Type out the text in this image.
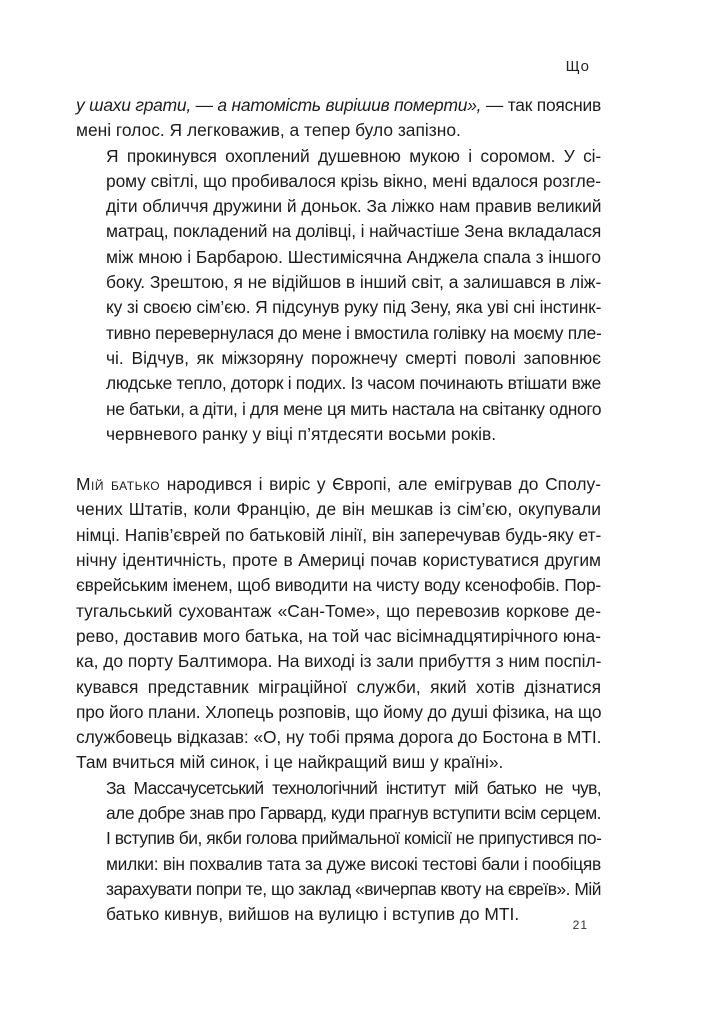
Що

у шахи грати, — а натомість вирішив померти», — так пояснив
мені голос. Я легковажив, а тепер було запізно.

Я прокинувся охоплений душевною мукою і соромом. У сі-
рому світлі, що пробивалося крізь вікно, мені вдалося розгле-
діти обличчя дружини й доньок. За ліжко нам правив великий
матрац, покладений на долівці, і найчастіше Зена вкладалася
між мною і Барбарою. Шестимісячна Анджела спала з іншого
боку. Зрештою, я не відійшов в інший світ, а залишався в ліж-
ку зі своєю сім’єю. Я підсунув руку під Зену, яка уві сні інстинк-
тивно перевернулася до мене і вмостила голівку на моєму пле-
чі. Відчув, як міжзоряну порожнечу смерті поволі заповнює
людське тепло, доторк і подих. Із часом починають втішати вже
не батьки, а діти, і для мене ця мить настала на світанку одного
червневого ранку у віці п’ятдесяти восьми років.

Мій батько народився і виріс у Європі, але емігрував до Сполу-
чених Штатів, коли Францію, де він мешкав із сім’єю, окупували
німці. Напів’єврей по батьковій лінії, він заперечував будь-яку ет-
нічну ідентичність, проте в Америці почав користуватися другим
єврейським іменем, щоб виводити на чисту воду ксенофобів. Пор-
тугальський суховантаж «Сан-Томе», що перевозив коркове де-
рево, доставив мого батька, на той час вісімнадцятирічного юна-
ка, до порту Балтимора. На виході із зали прибуття з ним поспіл-
кувався представник міграційної служби, який хотів дізнатися
про його плани. Хлопець розповів, що йому до душі фізика, на що
службовець відказав: «О, ну тобі пряма дорога до Бостона в МТІ.
Там вчиться мій синок, і це найкращий виш у країні».

За Массачусетський технологічний інститут мій батько не чув,
але добре знав про Гарвард, куди прагнув вступити всім серцем.
І вступив би, якби голова приймальної комісії не припустився по-
милки: він похвалив тата за дуже високі тестові бали і пообіцяв
зарахувати попри те, що заклад «вичерпав квоту на євреїв». Мій
батько кивнув, вийшов на вулицю і вступив до МТІ.

21
